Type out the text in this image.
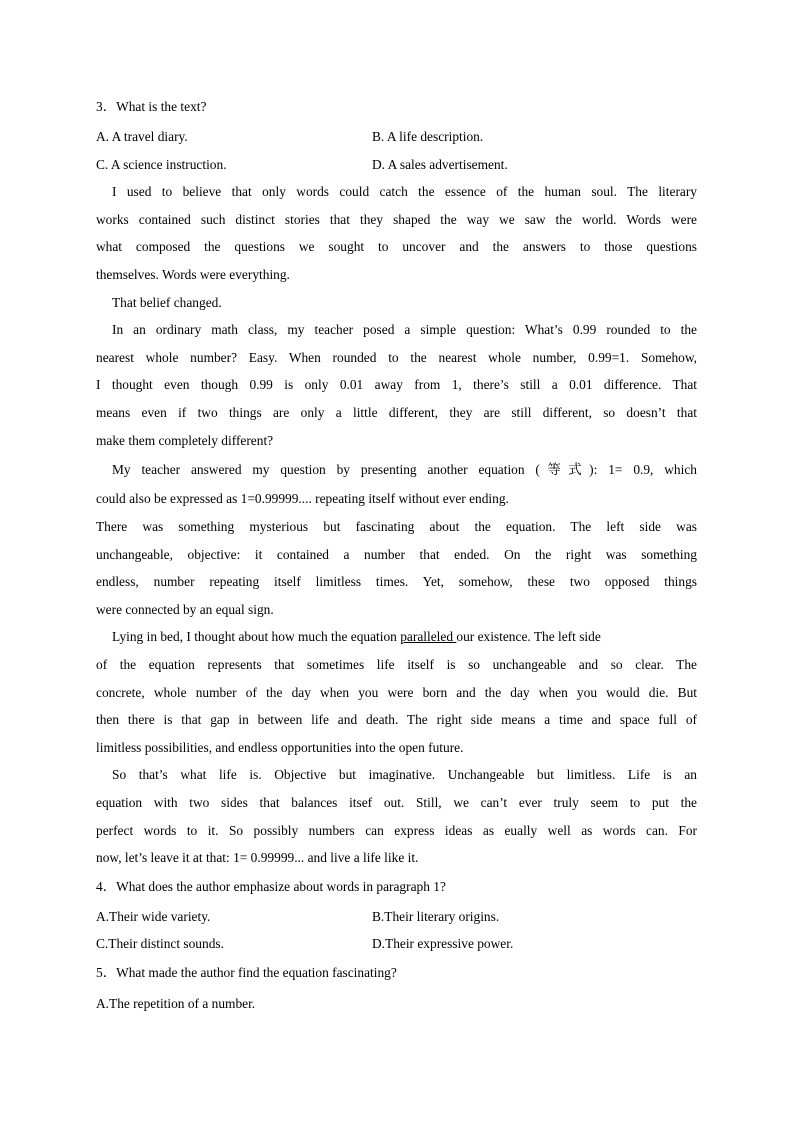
3．What is the text?
A. A travel diary.	B. A life description.
C. A science instruction.	D. A sales advertisement.
I used to believe that only words could catch the essence of the human soul. The literary
works contained such distinct stories that they shaped the way we saw the world. Words were
what composed the questions we sought to uncover and the answers to those questions
themselves. Words were everything.
That belief changed.
In an ordinary math class, my teacher posed a simple question: What’s 0.99 rounded to the
nearest whole number? Easy. When rounded to the nearest whole number, 0.99=1. Somehow,
I thought even though 0.99 is only 0.01 away from 1, there’s still a 0.01 difference. That
means even if two things are only a little different, they are still different, so doesn’t that
make them completely different?
My teacher answered my question by presenting another equation (等式): 1= 0.9, which
could also be expressed as 1=0.99999.... repeating itself without ever ending.
There was something mysterious but fascinating about the equation. The left side was
unchangeable, objective: it contained a number that ended. On the right was something
endless, number repeating itself limitless times. Yet, somehow, these two opposed things
were connected by an equal sign.
Lying in bed, I thought about how much the equation paralleled our existence. The left side
of the equation represents that sometimes life itself is so unchangeable and so clear. The
concrete, whole number of the day when you were born and the day when you would die. But
then there is that gap in between life and death. The right side means a time and space full of
limitless possibilities, and endless opportunities into the open future.
So that’s what life is. Objective but imaginative. Unchangeable but limitless. Life is an
equation with two sides that balances itsef out. Still, we can’t ever truly seem to put the
perfect words to it. So possibly numbers can express ideas as eually well as words can. For
now, let’s leave it at that: 1= 0.99999... and live a life like it.
4．What does the author emphasize about words in paragraph 1?
A.Their wide variety.	B.Their literary origins.
C.Their distinct sounds.	D.Their expressive power.
5．What made the author find the equation fascinating?
A.The repetition of a number.
